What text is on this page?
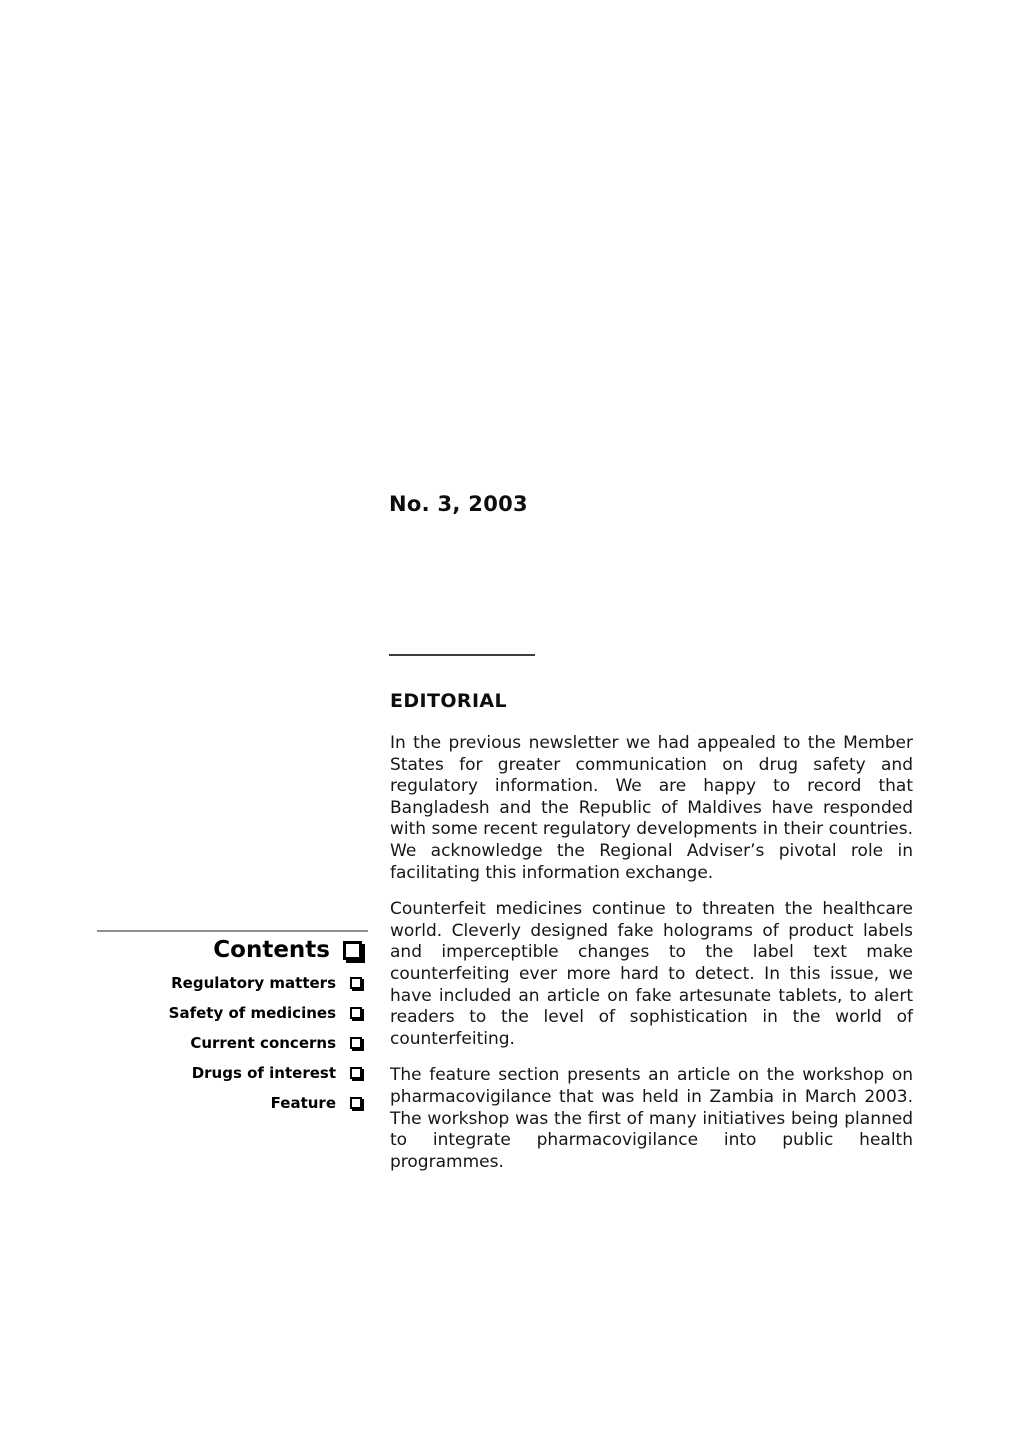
No. 3, 2003
EDITORIAL

In the previous newsletter we had appealed to the Member States for greater communication on drug safety and regulatory information. We are happy to record that Bangladesh and the Republic of Maldives have responded with some recent regulatory developments in their countries. We acknowledge the Regional Adviser’s pivotal role in facilitating this information exchange.

Counterfeit medicines continue to threaten the healthcare world. Cleverly designed fake holograms of product labels and imperceptible changes to the label text make counterfeiting ever more hard to detect. In this issue, we have included an article on fake artesunate tablets, to alert readers to the level of sophistication in the world of counterfeiting.

The feature section presents an article on the workshop on pharmacovigilance that was held in Zambia in March 2003. The workshop was the first of many initiatives being planned to integrate pharmacovigilance into public health programmes.

Contents
Regulatory matters
Safety of medicines
Current concerns
Drugs of interest
Feature
